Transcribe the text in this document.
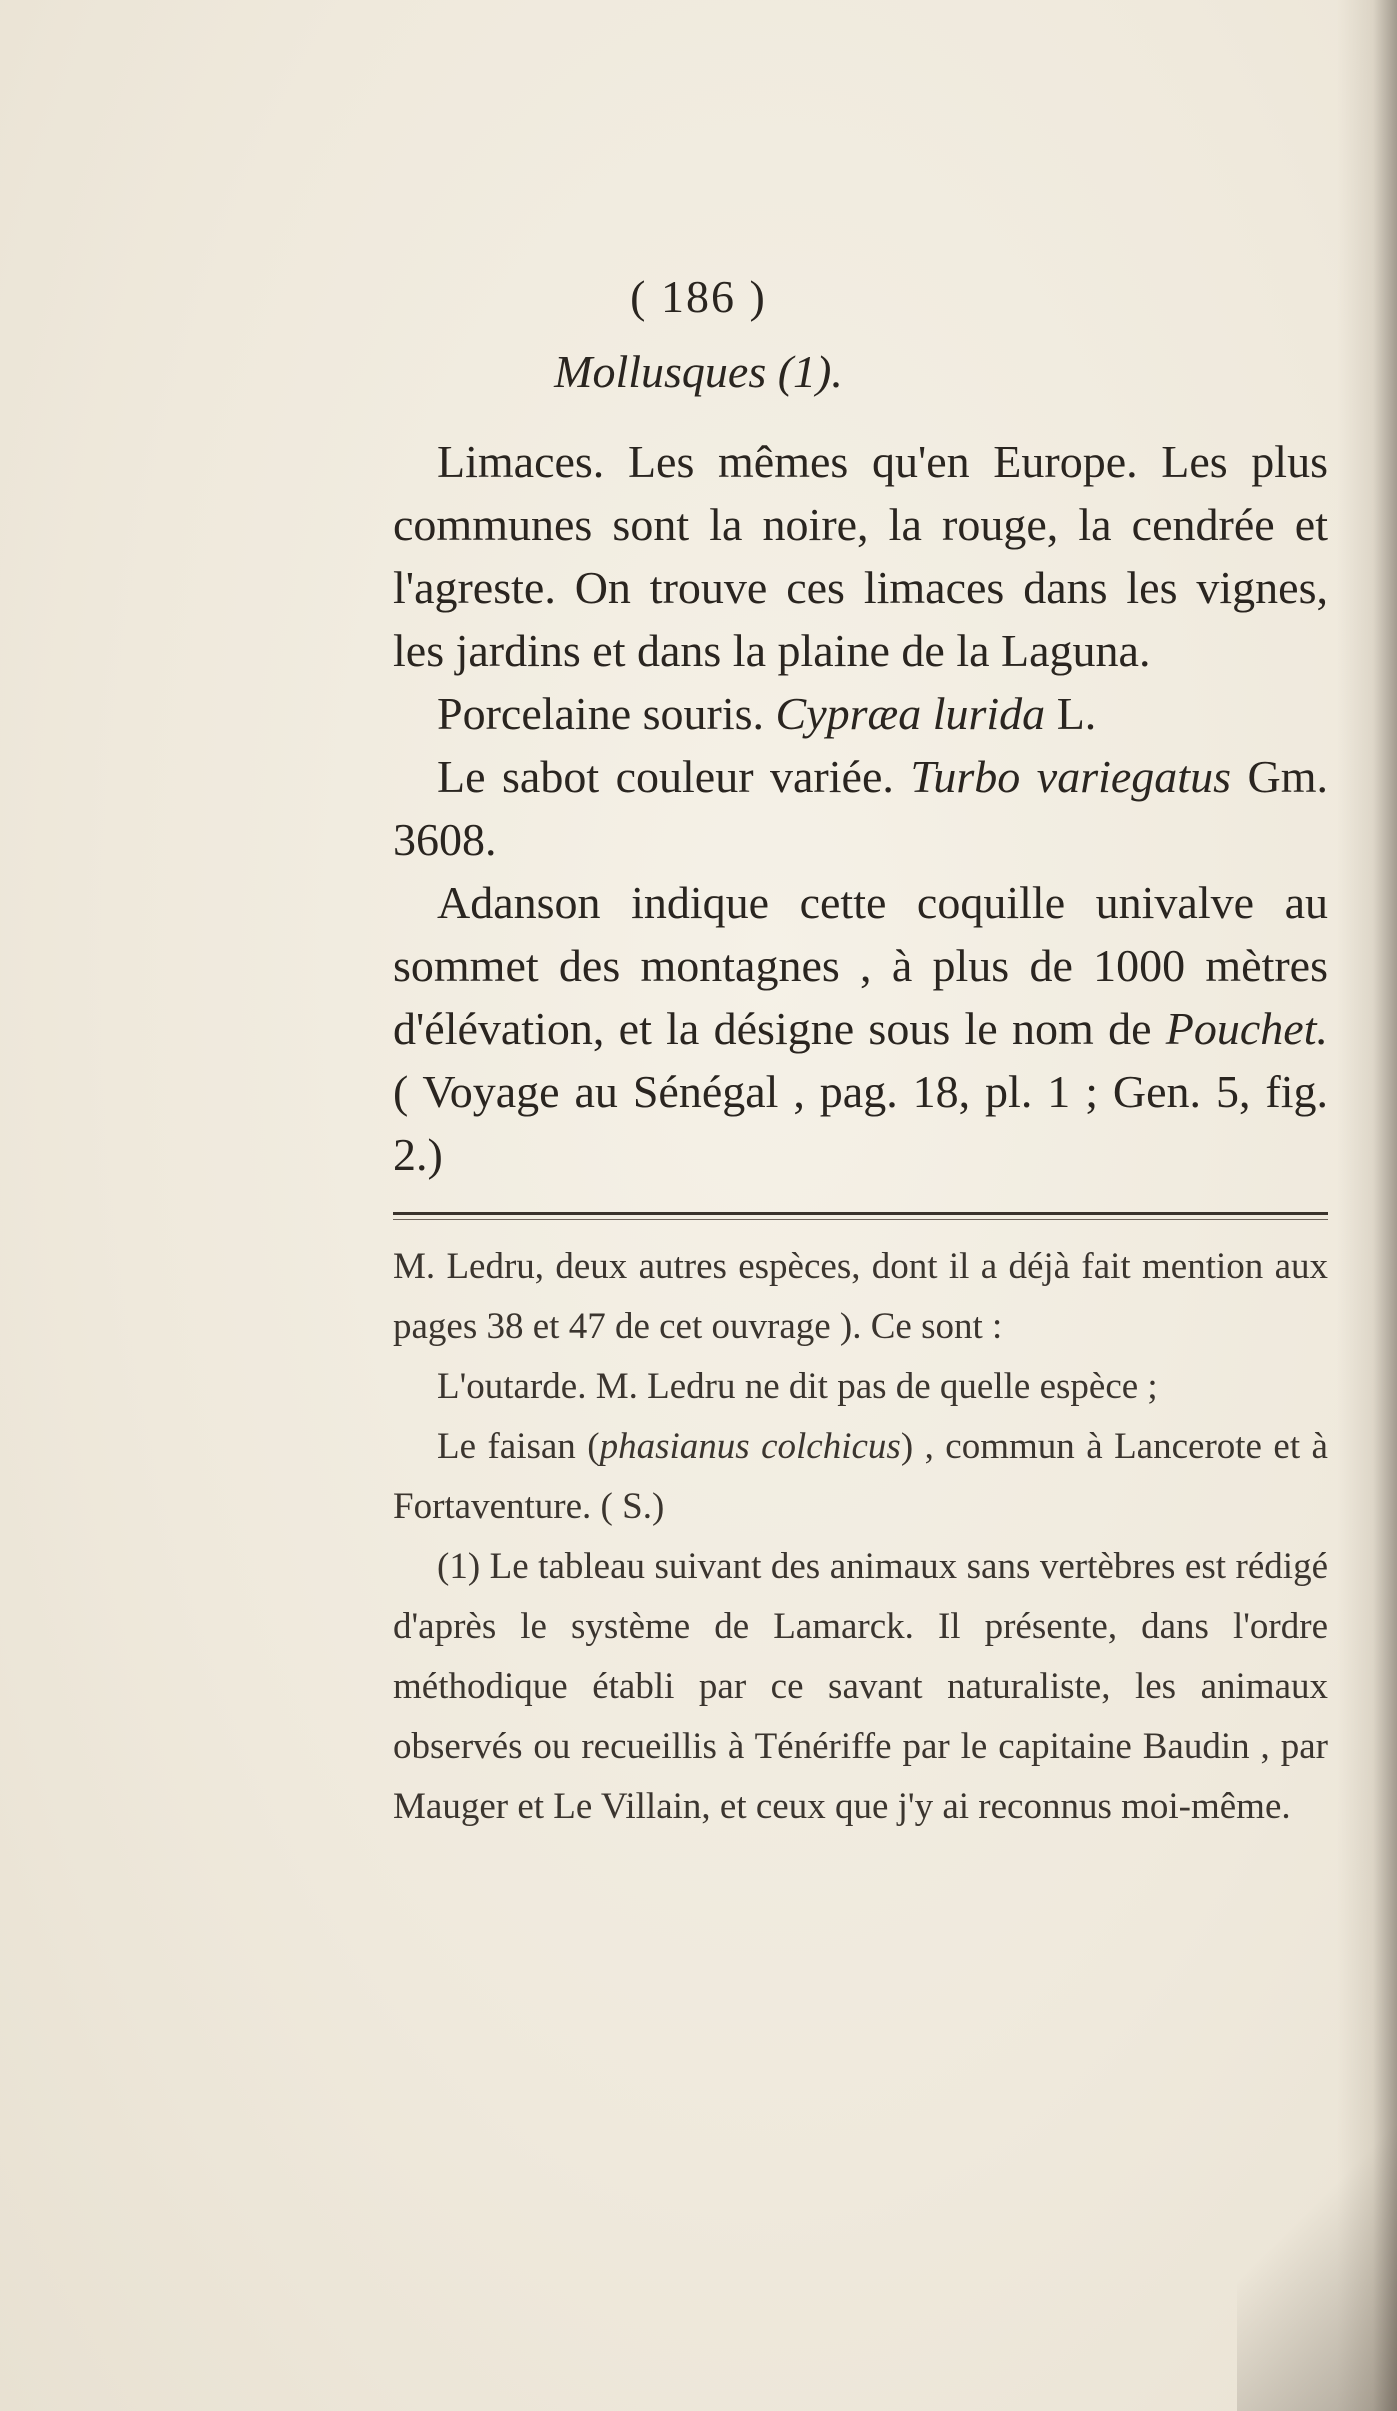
( 186 )
Mollusques (1).

Limaces. Les mêmes qu'en Europe. Les plus communes sont la noire, la rouge, la cendrée et l'agreste. On trouve ces limaces dans les vignes, les jardins et dans la plaine de la Laguna.

Porcelaine souris. Cypræa lurida L.

Le sabot couleur variée. Turbo variegatus Gm. 3608.

Adanson indique cette coquille univalve au sommet des montagnes , à plus de 1000 mètres d'élévation, et la désigne sous le nom de Pouchet. ( Voyage au Sénégal , pag. 18, pl. 1 ; Gen. 5, fig. 2.)

M. Ledru, deux autres espèces, dont il a déjà fait mention aux pages 38 et 47 de cet ouvrage ). Ce sont :

L'outarde. M. Ledru ne dit pas de quelle espèce ;

Le faisan (phasianus colchicus) , commun à Lancerote et à Fortaventure. ( S.)

(1) Le tableau suivant des animaux sans vertèbres est rédigé d'après le système de Lamarck. Il présente, dans l'ordre méthodique établi par ce savant naturaliste, les animaux observés ou recueillis à Ténériffe par le capitaine Baudin , par Mauger et Le Villain, et ceux que j'y ai reconnus moi-même.
